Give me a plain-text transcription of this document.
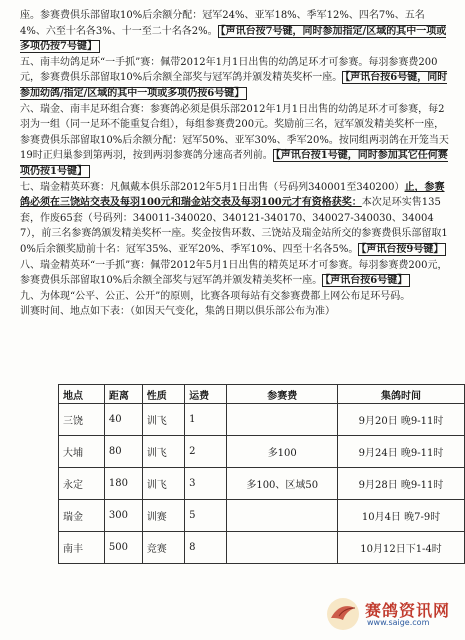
座。参赛费俱乐部留取10%后余额分配：冠军24%、亚军18%、季军12%、四名7%、五名4%、六至十名各3%、十一至二十名各2%。 【声讯台按7号键，同时参加指定/区域的其中一项或多项仍按7号键】

五、南丰幼鸽足环“一手抓”赛：佩带2012年1月1日出售的幼鸽足环才可参赛。每羽参赛费200元，参赛费俱乐部留取10%后余额全部奖与冠军鸽并颁发精英奖杯一座。 【声讯台按6号键，同时参加幼鸽/指定/区域的其中一项或多项仍按6号键】

六、瑞金、南丰足环组合赛：参赛鸽必须是俱乐部2012年1月1日出售的幼鸽足环才可参赛，每2羽为一组（同一足环不能重复合组），每组参赛费200元。奖励前三名，冠军颁发精美奖杯一座，参赛费俱乐部留取10%后余额分配：冠军50%、亚军30%、季军20%。按同组两羽鸽在开笼当天19时正归巢参到第两羽，按到两羽参赛鸽分速高者列前。 【声讯台按1号键，同时参加其它任何赛项仍按1号键】

七、瑞金精英环赛：凡佩戴本俱乐部2012年5月1日出售（号码列340001至340200）止，参赛鸽必须在三饶站交表及每羽100元和瑞金站交表及每羽100元才有资格获奖：本次足环实售135套，作废65套（号码列：340011-340020、340121-340170、340027-340030、340047），前三名参赛鸽颁发精美奖杯一座。奖金按售环数、三饶站及瑞金站所交的参赛费俱乐部留取10%后余额奖励前十名：冠军35%、亚军20%、季军10%、四至十名各5%。 【声讯台按9号键】

八、瑞金精英环“一手抓”赛：佩带2012年5月1日出售的精英足环才可参赛。每羽参赛费200元，参赛费俱乐部留取10%后余额全部奖与冠军鸽并颁发精美奖杯一座。 【声讯台按6号键】

九、为体现“公平、公正、公开”的原则，比赛各项每站有交参赛费都上网公布足环号码。

训赛时间、地点如下表：（如因天气变化，集鸽日期以俱乐部公布为准）

地点	距离	性质	运费	参赛费	集鸽时间
三饶	40	训飞	1		9月20日 晚9-11时
大埔	80	训飞	2	多100	9月24日 晚9-11时
永定	180	训飞	3	多100、区域50	9月28日 晚9-11时
瑞金	300	训赛	5		10月4日 晚7-9时
南丰	500	竞赛	8		10月12日下1-4时
赛鸽资讯网
www.saige.com
